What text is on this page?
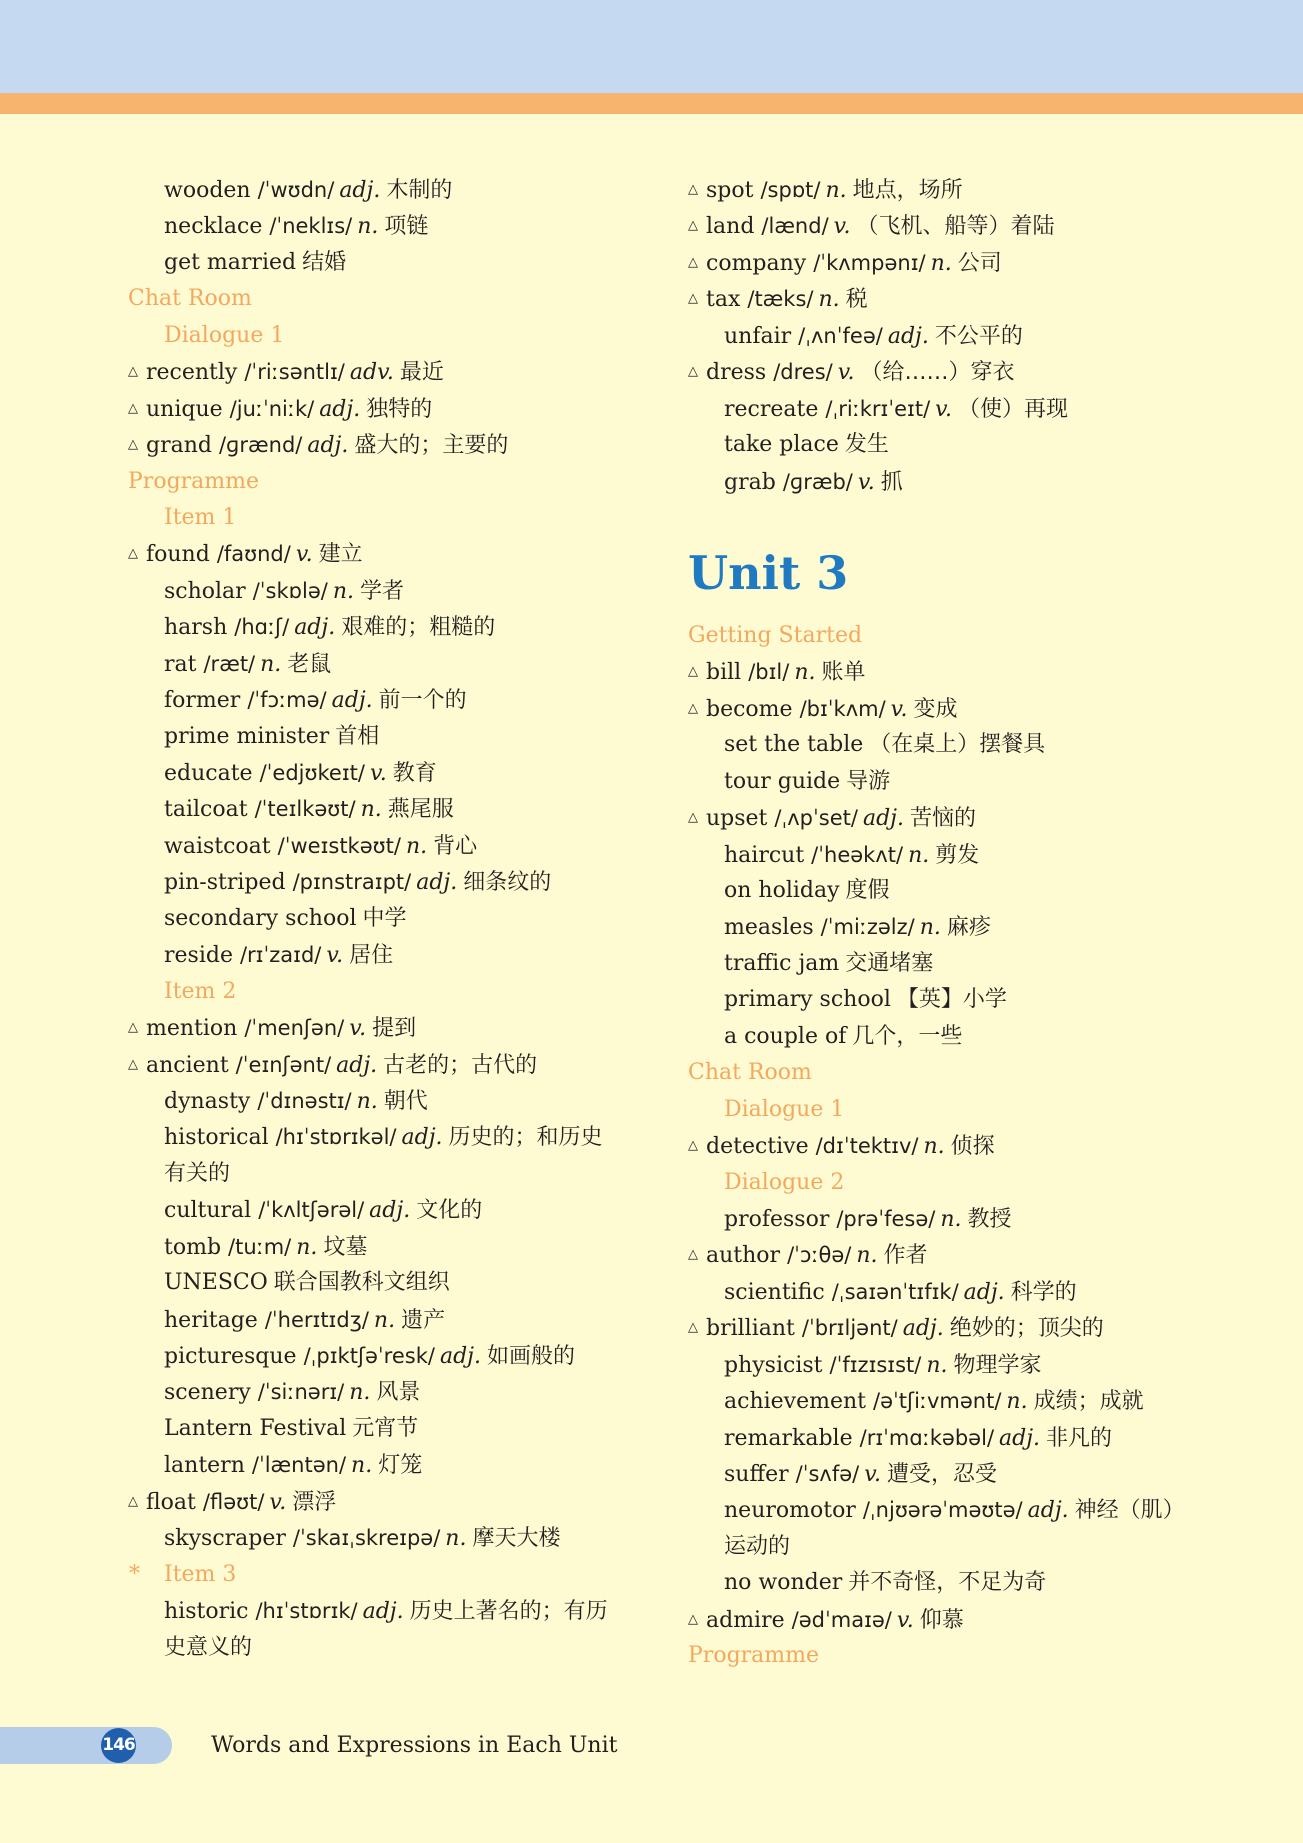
wooden /ˈwʊdn/ adj. 木制的
necklace /ˈneklɪs/ n. 项链
get married 结婚
Chat Room
Dialogue 1
△ recently /ˈriːsəntlɪ/ adv. 最近
△ unique /juːˈniːk/ adj. 独特的
△ grand /ɡrænd/ adj. 盛大的；主要的
Programme
Item 1
△ found /faʊnd/ v. 建立
scholar /ˈskɒlə/ n. 学者
harsh /hɑːʃ/ adj. 艰难的；粗糙的
rat /ræt/ n. 老鼠
former /ˈfɔːmə/ adj. 前一个的
prime minister 首相
educate /ˈedjʊkeɪt/ v. 教育
tailcoat /ˈteɪlkəʊt/ n. 燕尾服
waistcoat /ˈweɪstkəʊt/ n. 背心
pin-striped /pɪnstraɪpt/ adj. 细条纹的
secondary school 中学
reside /rɪˈzaɪd/ v. 居住
Item 2
△ mention /ˈmenʃən/ v. 提到
△ ancient /ˈeɪnʃənt/ adj. 古老的；古代的
dynasty /ˈdɪnəstɪ/ n. 朝代
historical /hɪˈstɒrɪkəl/ adj. 历史的；和历史
有关的
cultural /ˈkʌltʃərəl/ adj. 文化的
tomb /tuːm/ n. 坟墓
UNESCO 联合国教科文组织
heritage /ˈherɪtɪdʒ/ n. 遗产
picturesque /ˌpɪktʃəˈresk/ adj. 如画般的
scenery /ˈsiːnərɪ/ n. 风景
Lantern Festival 元宵节
lantern /ˈlæntən/ n. 灯笼
△ float /fləʊt/ v. 漂浮
skyscraper /ˈskaɪˌskreɪpə/ n. 摩天大楼
* Item 3
historic /hɪˈstɒrɪk/ adj. 历史上著名的；有历
史意义的
△ spot /spɒt/ n. 地点，场所
△ land /lænd/ v. （飞机、船等）着陆
△ company /ˈkʌmpənɪ/ n. 公司
△ tax /tæks/ n. 税
unfair /ˌʌnˈfeə/ adj. 不公平的
△ dress /dres/ v. （给……）穿衣
recreate /ˌriːkrɪˈeɪt/ v. （使）再现
take place 发生
grab /ɡræb/ v. 抓
Unit 3
Getting Started
△ bill /bɪl/ n. 账单
△ become /bɪˈkʌm/ v. 变成
set the table （在桌上）摆餐具
tour guide 导游
△ upset /ˌʌpˈset/ adj. 苦恼的
haircut /ˈheəkʌt/ n. 剪发
on holiday 度假
measles /ˈmiːzəlz/ n. 麻疹
traffic jam 交通堵塞
primary school 【英】小学
a couple of 几个，一些
Chat Room
Dialogue 1
△ detective /dɪˈtektɪv/ n. 侦探
Dialogue 2
professor /prəˈfesə/ n. 教授
△ author /ˈɔːθə/ n. 作者
scientific /ˌsaɪənˈtɪfɪk/ adj. 科学的
△ brilliant /ˈbrɪljənt/ adj. 绝妙的；顶尖的
physicist /ˈfɪzɪsɪst/ n. 物理学家
achievement /əˈtʃiːvmənt/ n. 成绩；成就
remarkable /rɪˈmɑːkəbəl/ adj. 非凡的
suffer /ˈsʌfə/ v. 遭受，忍受
neuromotor /ˌnjʊərəˈməʊtə/ adj. 神经（肌）
运动的
no wonder 并不奇怪，不足为奇
△ admire /ədˈmaɪə/ v. 仰慕
Programme
146	Words and Expressions in Each Unit
